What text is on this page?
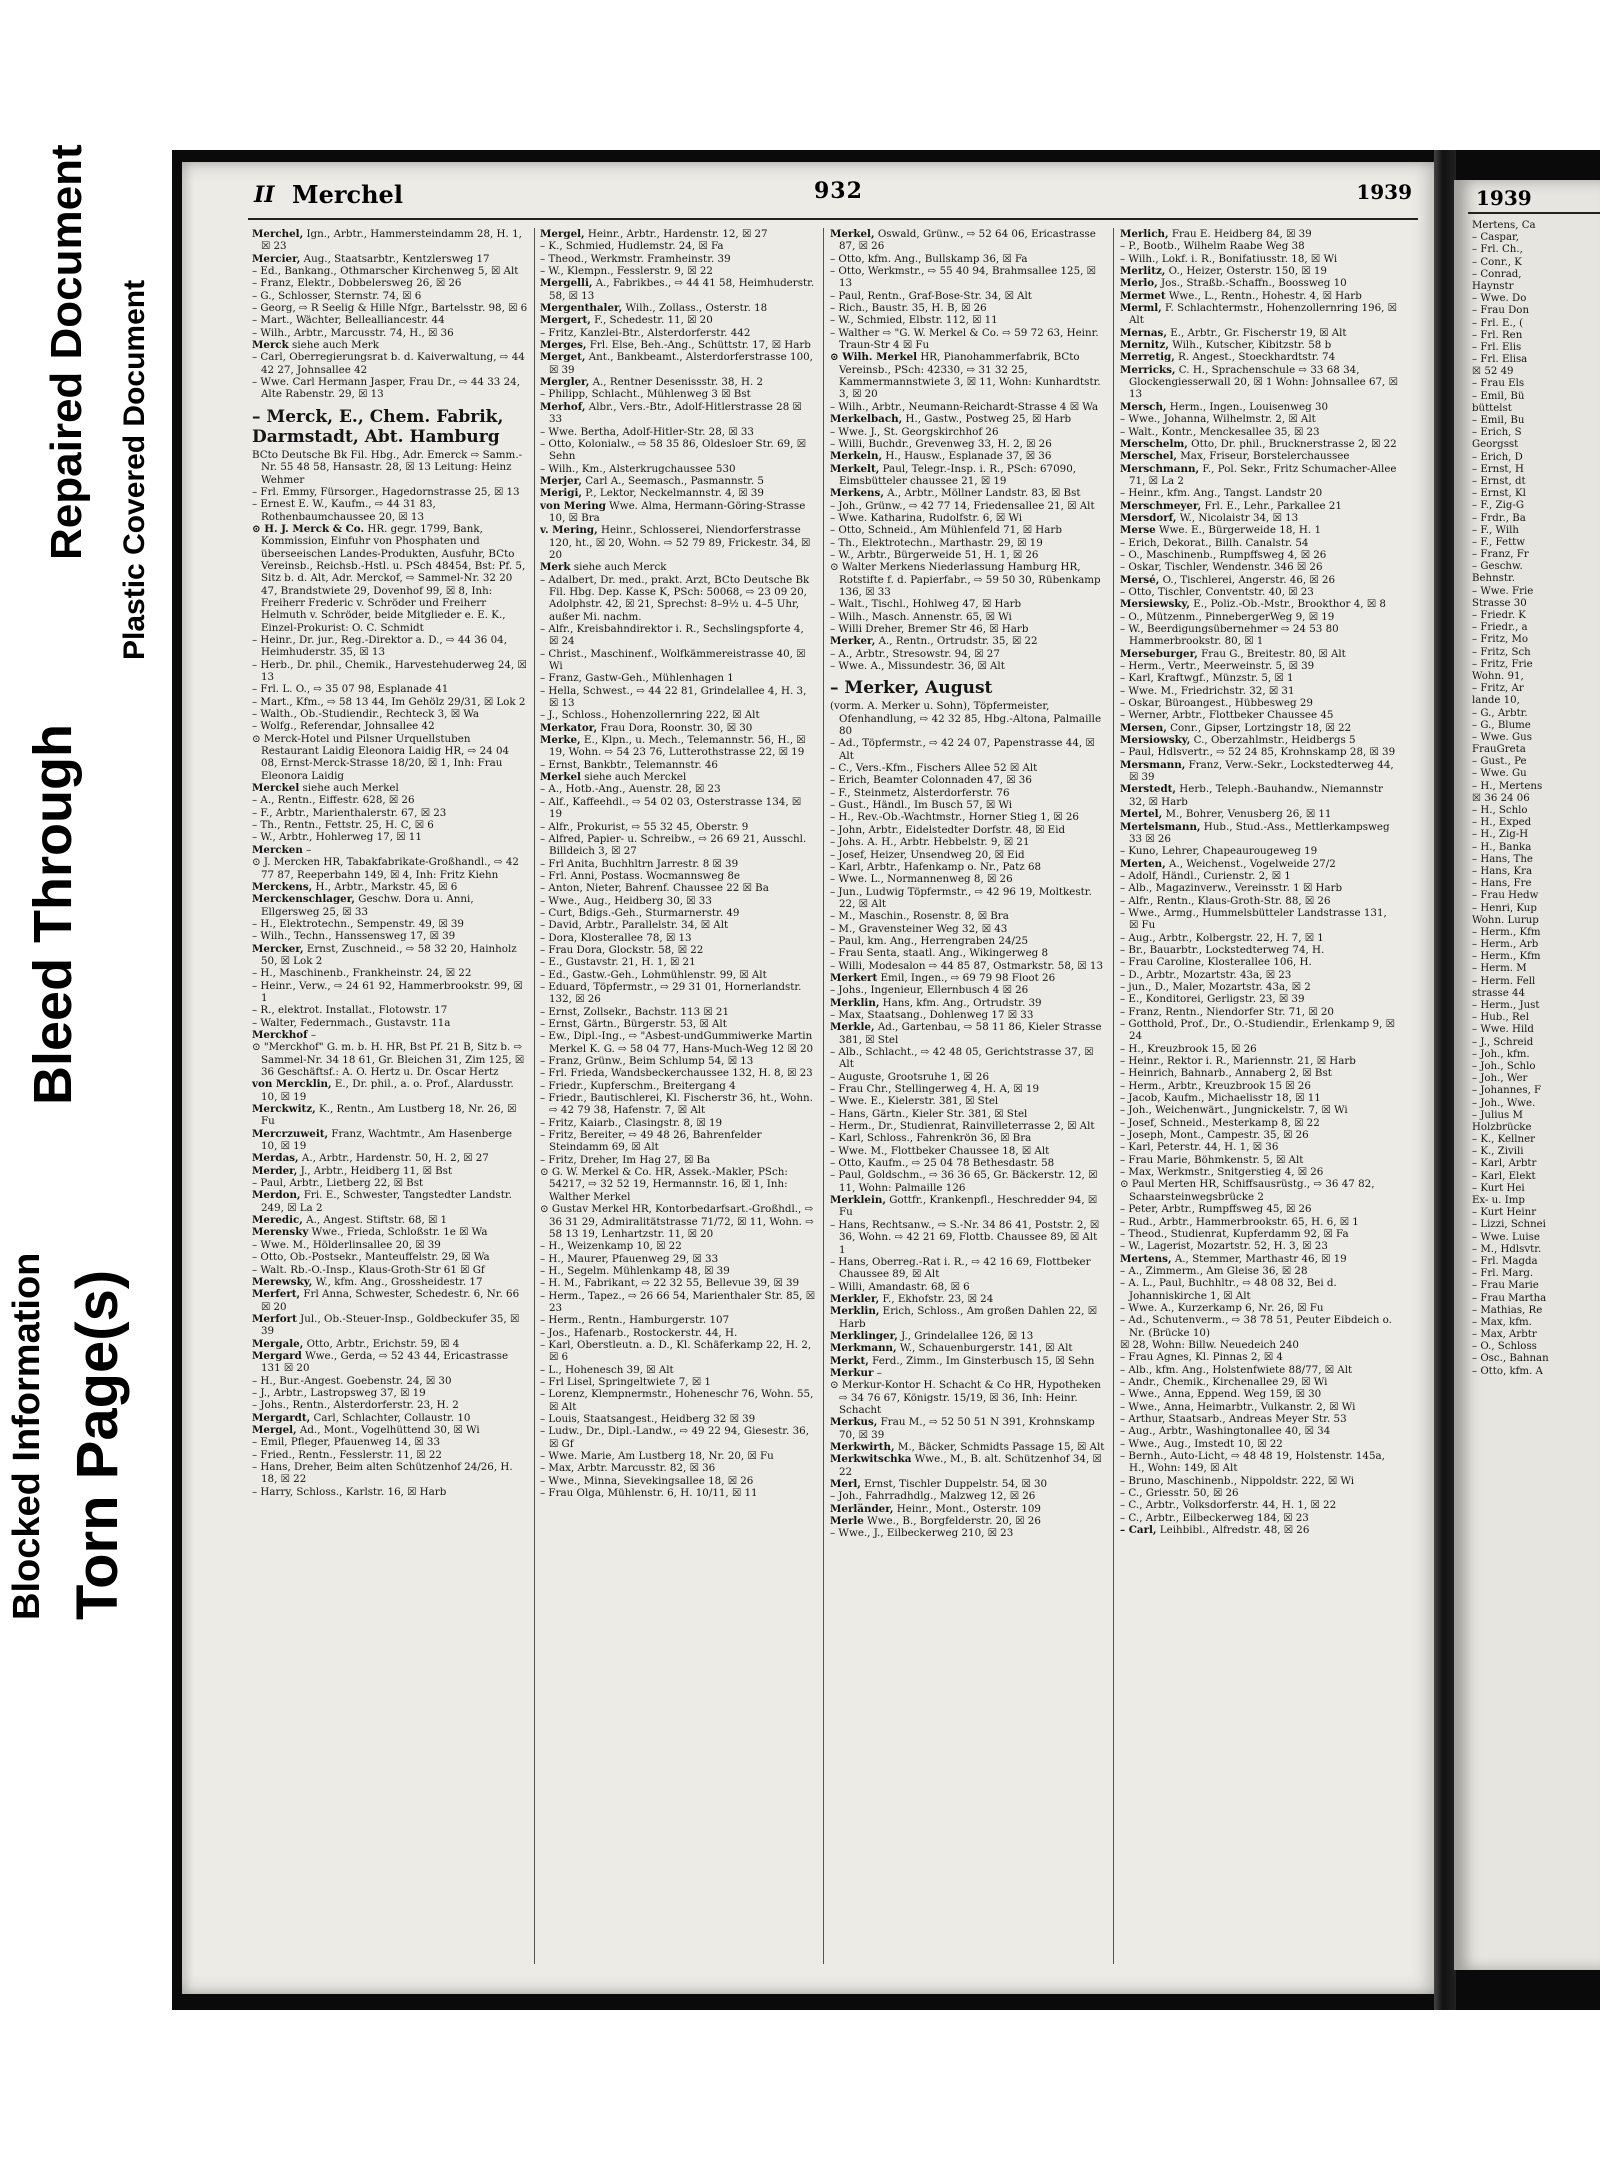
Blocked Information Torn Page(s)
Bleed Through
Repaired Document Plastic Covered Document
II Merchel	932	1939

Merchel, Ign., Arbtr., Hammersteindamm 28, H. 1, ☒ 23

Mercier, Aug., Staatsarbtr., Kentzlersweg 17

– Ed., Bankang., Othmarscher Kirchenweg 5, ☒ Alt

– Franz, Elektr., Dobbelersweg 26, ☒ 26

– G., Schlosser, Sternstr. 74, ☒ 6

– Georg, ⇨ R Seelig & Hille Nfgr., Bartelsstr. 98, ☒ 6

– Mart., Wächter, Bellealliancestr. 44

– Wilh., Arbtr., Marcusstr. 74, H., ☒ 36

Merck siehe auch Merk

– Carl, Oberregierungsrat b. d. Kaiverwaltung, ⇨ 44 42 27, Johnsallee 42

– Wwe. Carl Hermann Jasper, Frau Dr., ⇨ 44 33 24, Alte Rabenstr. 29, ☒ 13

– Merck, E., Chem. Fabrik, Darmstadt, Abt. Hamburg

BCto Deutsche Bk Fil. Hbg., Adr. Emerck ⇨ Samm.-Nr. 55 48 58, Hansastr. 28, ☒ 13 Leitung: Heinz Wehmer

– Frl. Emmy, Fürsorger., Hagedornstrasse 25, ☒ 13

– Ernest E. W., Kaufm., ⇨ 44 31 83, Rothenbaumchaussee 20, ☒ 13

⊙ H. J. Merck & Co. HR. gegr. 1799, Bank, Kommission, Einfuhr von Phosphaten und überseeischen Landes-Produkten, Ausfuhr, BCto Vereinsb., Reichsb.-Hstl. u. PSch 48454, Bst: Pf. 5, Sitz b. d. Alt, Adr. Merckof, ⇨ Sammel-Nr. 32 20 47, Brandstwiete 29, Dovenhof 99, ☒ 8, Inh: Freiherr Frederic v. Schröder und Freiherr Helmuth v. Schröder, beide Mitglieder e. E. K., Einzel-Prokurist: O. C. Schmidt

– Heinr., Dr. jur., Reg.-Direktor a. D., ⇨ 44 36 04, Heimhuderstr. 35, ☒ 13

– Herb., Dr. phil., Chemik., Harvestehuderweg 24, ☒ 13

– Frl. L. O., ⇨ 35 07 98, Esplanade 41

– Mart., Kfm., ⇨ 58 13 44, Im Gehölz 29/31, ☒ Lok 2

– Walth., Ob.-Studiendir., Rechteck 3, ☒ Wa

– Wolfg., Referendar, Johnsallee 42

⊙ Merck-Hotel und Pilsner Urquellstuben Restaurant Laidig Eleonora Laidig HR, ⇨ 24 04 08, Ernst-Merck-Strasse 18/20, ☒ 1, Inh: Frau Eleonora Laidig

Merckel siehe auch Merkel

– A., Rentn., Eiffestr. 628, ☒ 26

– F., Arbtr., Marienthalerstr. 67, ☒ 23

– Th., Rentn., Fettstr. 25, H. C, ☒ 6

– W., Arbtr., Hohlerweg 17, ☒ 11

Mercken –

⊙ J. Mercken HR, Tabakfabrikate-Großhandl., ⇨ 42 77 87, Reeperbahn 149, ☒ 4, Inh: Fritz Kiehn

Merckens, H., Arbtr., Markstr. 45, ☒ 6

Merckenschlager, Geschw. Dora u. Anni, Ellgersweg 25, ☒ 33

– H., Elektrotechn., Sempenstr. 49, ☒ 39

– Wilh., Techn., Hanssensweg 17, ☒ 39

Mercker, Ernst, Zuschneid., ⇨ 58 32 20, Hainholz 50, ☒ Lok 2

– H., Maschinenb., Frankheinstr. 24, ☒ 22

– Heinr., Verw., ⇨ 24 61 92, Hammerbrookstr. 99, ☒ 1

– R., elektrot. Installat., Flotowstr. 17

– Walter, Federnmach., Gustavstr. 11a

Merckhof –

⊙ "Merckhof" G. m. b. H. HR, Bst Pf. 21 B, Sitz b. ⇨ Sammel-Nr. 34 18 61, Gr. Bleichen 31, Zim 125, ☒ 36 Geschäftsf.: A. O. Hertz u. Dr. Oscar Hertz

von Mercklin, E., Dr. phil., a. o. Prof., Alardusstr. 10, ☒ 19

Merckwitz, K., Rentn., Am Lustberg 18, Nr. 26, ☒ Fu

Mercrzuweit, Franz, Wachtmtr., Am Hasenberge 10, ☒ 19

Merdas, A., Arbtr., Hardenstr. 50, H. 2, ☒ 27

Merder, J., Arbtr., Heidberg 11, ☒ Bst

– Paul, Arbtr., Lietberg 22, ☒ Bst

Merdon, Fri. E., Schwester, Tangstedter Landstr. 249, ☒ La 2

Meredic, A., Angest. Stiftstr. 68, ☒ 1

Merensky Wwe., Frieda, Schloßstr. 1e ☒ Wa

– Wwe. M., Hölderlinsallee 20, ☒ 39

– Otto, Ob.-Postsekr., Manteuffelstr. 29, ☒ Wa

– Walt. Rb.-O.-Insp., Klaus-Groth-Str 61 ☒ Gf

Merewsky, W., kfm. Ang., Grossheidestr. 17

Merfert, Frl Anna, Schwester, Schedestr. 6, Nr. 66 ☒ 20

Merfort Jul., Ob.-Steuer-Insp., Goldbeckufer 35, ☒ 39

Mergale, Otto, Arbtr., Erichstr. 59, ☒ 4

Mergard Wwe., Gerda, ⇨ 52 43 44, Ericastrasse 131 ☒ 20

– H., Bur.-Angest. Goebenstr. 24, ☒ 30

– J., Arbtr., Lastropsweg 37, ☒ 19

– Johs., Rentn., Alsterdorferstr. 23, H. 2

Mergardt, Carl, Schlachter, Collaustr. 10

Mergel, Ad., Mont., Vogelhüttend 30, ☒ Wi

– Emil, Pfleger, Pfauenweg 14, ☒ 33

– Fried., Rentn., Fesslerstr. 11, ☒ 22

– Hans, Dreher, Beim alten Schützenhof 24/26, H. 18, ☒ 22

– Harry, Schloss., Karlstr. 16, ☒ Harb

Mergel, Heinr., Arbtr., Hardenstr. 12, ☒ 27

– K., Schmied, Hudlemstr. 24, ☒ Fa

– Theod., Werkmstr. Framheinstr. 39

– W., Klempn., Fesslerstr. 9, ☒ 22

Mergelli, A., Fabrikbes., ⇨ 44 41 58, Heimhuderstr. 58, ☒ 13

Mergenthaler, Wilh., Zollass., Osterstr. 18

Mergert, F., Schedestr. 11, ☒ 20

– Fritz, Kanzlei-Btr., Alsterdorferstr. 442

Merges, Frl. Else, Beh.-Ang., Schüttstr. 17, ☒ Harb

Merget, Ant., Bankbeamt., Alsterdorferstrasse 100, ☒ 39

Mergler, A., Rentner Desenissstr. 38, H. 2

– Philipp, Schlacht., Mühlenweg 3 ☒ Bst

Merhof, Albr., Vers.-Btr., Adolf-Hitlerstrasse 28 ☒ 33

– Wwe. Bertha, Adolf-Hitler-Str. 28, ☒ 33

– Otto, Kolonialw., ⇨ 58 35 86, Oldesloer Str. 69, ☒ Sehn

– Wilh., Km., Alsterkrugchaussee 530

Merjer, Carl A., Seemasch., Pasmannstr. 5

Merigi, P., Lektor, Neckelmannstr. 4, ☒ 39

von Mering Wwe. Alma, Hermann-Göring-Strasse 10, ☒ Bra

v. Mering, Heinr., Schlosserei, Niendorferstrasse 120, ht., ☒ 20, Wohn. ⇨ 52 79 89, Frickestr. 34, ☒ 20

Merk siehe auch Merck

– Adalbert, Dr. med., prakt. Arzt, BCto Deutsche Bk Fil. Hbg. Dep. Kasse K, PSch: 50068, ⇨ 23 09 20, Adolphstr. 42, ☒ 21, Sprechst: 8–9½ u. 4–5 Uhr, außer Mi. nachm.

– Alfr., Kreisbahndirektor i. R., Sechslingspforte 4, ☒ 24

– Christ., Maschinenf., Wolfkämmereistrasse 40, ☒ Wi

– Franz, Gastw-Geh., Mühlenhagen 1

– Hella, Schwest., ⇨ 44 22 81, Grindelallee 4, H. 3, ☒ 13

– J., Schloss., Hohenzollernring 222, ☒ Alt

Merkator, Frau Dora, Roonstr. 30, ☒ 30

Merke, E., Klpn., u. Mech., Telemannstr. 56, H., ☒ 19, Wohn. ⇨ 54 23 76, Lutterothstrasse 22, ☒ 19

– Ernst, Bankbtr., Telemannstr. 46

Merkel siehe auch Merckel

– A., Hotb.-Ang., Auenstr. 28, ☒ 23

– Alf., Kaffeehdl., ⇨ 54 02 03, Osterstrasse 134, ☒ 19

– Alfr., Prokurist, ⇨ 55 32 45, Oberstr. 9

– Alfred, Papier- u. Schreibw., ⇨ 26 69 21, Ausschl. Billdeich 3, ☒ 27

– Frl Anita, Buchhltrn Jarrestr. 8 ☒ 39

– Frl. Anni, Postass. Wocmannsweg 8e

– Anton, Nieter, Bahrenf. Chaussee 22 ☒ Ba

– Wwe., Aug., Heidberg 30, ☒ 33

– Curt, Bdigs.-Geh., Sturmarnerstr. 49

– David, Arbtr., Parallelstr. 34, ☒ Alt

– Dora, Klosterallee 78, ☒ 13

– Frau Dora, Glockstr. 58, ☒ 22

– E., Gustavstr. 21, H. 1, ☒ 21

– Ed., Gastw.-Geh., Lohmühlenstr. 99, ☒ Alt

– Eduard, Töpfermstr., ⇨ 29 31 01, Hornerlandstr. 132, ☒ 26

– Ernst, Zollsekr., Bachstr. 113 ☒ 21

– Ernst, Gärtn., Bürgerstr. 53, ☒ Alt

– Ew., Dipl.-Ing., ⇨ "Asbest-undGummiwerke Martin Merkel K. G. ⇨ 58 04 77, Hans-Much-Weg 12 ☒ 20

– Franz, Grünw., Beim Schlump 54, ☒ 13

– Frl. Frieda, Wandsbeckerchaussee 132, H. 8, ☒ 23

– Friedr., Kupferschm., Breitergang 4

– Friedr., Bautischlerei, Kl. Fischerstr 36, ht., Wohn. ⇨ 42 79 38, Hafenstr. 7, ☒ Alt

– Fritz, Kaiarb., Clasingstr. 8, ☒ 19

– Fritz, Bereiter, ⇨ 49 48 26, Bahrenfelder Steindamm 69, ☒ Alt

– Fritz, Dreher, Im Hag 27, ☒ Ba

⊙ G. W. Merkel & Co. HR, Assek.-Makler, PSch: 54217, ⇨ 32 52 19, Hermannstr. 16, ☒ 1, Inh: Walther Merkel

⊙ Gustav Merkel HR, Kontorbedarfsart.-Großhdl., ⇨ 36 31 29, Admiralitätstrasse 71/72, ☒ 11, Wohn. ⇨ 58 13 19, Lenhartzstr. 11, ☒ 20

– H., Weizenkamp 10, ☒ 22

– H., Maurer, Pfauenweg 29, ☒ 33

– H., Segelm. Mühlenkamp 48, ☒ 39

– H. M., Fabrikant, ⇨ 22 32 55, Bellevue 39, ☒ 39

– Herm., Tapez., ⇨ 26 66 54, Marienthaler Str. 85, ☒ 23

– Herm., Rentn., Hamburgerstr. 107

– Jos., Hafenarb., Rostockerstr. 44, H.

– Karl, Oberstleutn. a. D., Kl. Schäferkamp 22, H. 2, ☒ 6

– L., Hohenesch 39, ☒ Alt

– Frl Lisel, Springeltwiete 7, ☒ 1

– Lorenz, Klempnermstr., Hoheneschr 76, Wohn. 55, ☒ Alt

– Louis, Staatsangest., Heidberg 32 ☒ 39

– Ludw., Dr., Dipl.-Landw., ⇨ 49 22 94, Giesestr. 36, ☒ Gf

– Wwe. Marie, Am Lustberg 18, Nr. 20, ☒ Fu

– Max, Arbtr. Marcusstr. 82, ☒ 36

– Wwe., Minna, Sievekingsallee 18, ☒ 26

– Frau Olga, Mühlenstr. 6, H. 10/11, ☒ 11

Merkel, Oswald, Grünw., ⇨ 52 64 06, Ericastrasse 87, ☒ 26

– Otto, kfm. Ang., Bullskamp 36, ☒ Fa

– Otto, Werkmstr., ⇨ 55 40 94, Brahmsallee 125, ☒ 13

– Paul, Rentn., Graf-Bose-Str. 34, ☒ Alt

– Rich., Baustr. 35, H. B, ☒ 26

– W., Schmied, Elbstr. 112, ☒ 11

– Walther ⇨ "G. W. Merkel & Co. ⇨ 59 72 63, Heinr. Traun-Str 4 ☒ Fu

⊙ Wilh. Merkel HR, Pianohammerfabrik, BCto Vereinsb., PSch: 42330, ⇨ 31 32 25, Kammermannstwiete 3, ☒ 11, Wohn: Kunhardtstr. 3, ☒ 20

– Wilh., Arbtr., Neumann-Reichardt-Strasse 4 ☒ Wa

Merkelbach, H., Gastw., Postweg 25, ☒ Harb

– Wwe. J., St. Georgskirchhof 26

– Willi, Buchdr., Grevenweg 33, H. 2, ☒ 26

Merkeln, H., Hausw., Esplanade 37, ☒ 36

Merkelt, Paul, Telegr.-Insp. i. R., PSch: 67090, Eimsbütteler chaussee 21, ☒ 19

Merkens, A., Arbtr., Möllner Landstr. 83, ☒ Bst

– Joh., Grünw., ⇨ 42 77 14, Friedensallee 21, ☒ Alt

– Wwe. Katharina, Rudolfstr. 6, ☒ Wi

– Otto, Schneid., Am Mühlenfeld 71, ☒ Harb

– Th., Elektrotechn., Marthastr. 29, ☒ 19

– W., Arbtr., Bürgerweide 51, H. 1, ☒ 26

⊙ Walter Merkens Niederlassung Hamburg HR, Rotstifte f. d. Papierfabr., ⇨ 59 50 30, Rübenkamp 136, ☒ 33

– Walt., Tischl., Hohlweg 47, ☒ Harb

– Wilh., Masch. Annenstr. 65, ☒ Wi

– Willi Dreher, Bremer Str 46, ☒ Harb

Merker, A., Rentn., Ortrudstr. 35, ☒ 22

– A., Arbtr., Stresowstr. 94, ☒ 27

– Wwe. A., Missundestr. 36, ☒ Alt

– Merker, August

(vorm. A. Merker u. Sohn), Töpfermeister, Ofenhandlung, ⇨ 42 32 85, Hbg.-Altona, Palmaille 80

– Ad., Töpfermstr., ⇨ 42 24 07, Papenstrasse 44, ☒ Alt

– C., Vers.-Kfm., Fischers Allee 52 ☒ Alt

– Erich, Beamter Colonnaden 47, ☒ 36

– F., Steinmetz, Alsterdorferstr. 76

– Gust., Händl., Im Busch 57, ☒ Wi

– H., Rev.-Ob.-Wachtmstr., Horner Stieg 1, ☒ 26

– John, Arbtr., Eidelstedter Dorfstr. 48, ☒ Eid

– Johs. A. H., Arbtr. Hebbelstr. 9, ☒ 21

– Josef, Heizer, Unsendweg 20, ☒ Eid

– Karl, Arbtr., Hafenkamp o. Nr., Patz 68

– Wwe. L., Normannenweg 8, ☒ 26

– Jun., Ludwig Töpfermstr., ⇨ 42 96 19, Moltkestr. 22, ☒ Alt

– M., Maschin., Rosenstr. 8, ☒ Bra

– M., Gravensteiner Weg 32, ☒ 43

– Paul, km. Ang., Herrengraben 24/25

– Frau Senta, staatl. Ang., Wikingerweg 8

– Willi, Modesalon ⇨ 44 85 87, Ostmarkstr. 58, ☒ 13

Merkert Emil, Ingen., ⇨ 69 79 98 Floot 26

– Johs., Ingenieur, Ellernbusch 4 ☒ 26

Merklin, Hans, kfm. Ang., Ortrudstr. 39

– Max, Staatsang., Dohlenweg 17 ☒ 33

Merkle, Ad., Gartenbau, ⇨ 58 11 86, Kieler Strasse 381, ☒ Stel

– Alb., Schlacht., ⇨ 42 48 05, Gerichtstrasse 37, ☒ Alt

– Auguste, Grootsruhe 1, ☒ 26

– Frau Chr., Stellingerweg 4, H. A, ☒ 19

– Wwe. E., Kielerstr. 381, ☒ Stel

– Hans, Gärtn., Kieler Str. 381, ☒ Stel

– Herm., Dr., Studienrat, Rainvilleterrasse 2, ☒ Alt

– Karl, Schloss., Fahrenkrön 36, ☒ Bra

– Wwe. M., Flottbeker Chaussee 18, ☒ Alt

– Otto, Kaufm., ⇨ 25 04 78 Bethesdastr. 58

– Paul, Goldschm., ⇨ 36 36 65, Gr. Bäckerstr. 12, ☒ 11, Wohn: Palmaille 126

Merklein, Gottfr., Krankenpfl., Heschredder 94, ☒ Fu

– Hans, Rechtsanw., ⇨ S.-Nr. 34 86 41, Poststr. 2, ☒ 36, Wohn. ⇨ 42 21 69, Flottb. Chaussee 89, ☒ Alt 1

– Hans, Oberreg.-Rat i. R., ⇨ 42 16 69, Flottbeker Chaussee 89, ☒ Alt

– Willi, Amandastr. 68, ☒ 6

Merkler, F., Ekhofstr. 23, ☒ 24

Merklin, Erich, Schloss., Am großen Dahlen 22, ☒ Harb

Merklinger, J., Grindelallee 126, ☒ 13

Merkmann, W., Schauenburgerstr. 141, ☒ Alt

Merkt, Ferd., Zimm., Im Ginsterbusch 15, ☒ Sehn

Merkur –

⊙ Merkur-Kontor H. Schacht & Co HR, Hypotheken ⇨ 34 76 67, Königstr. 15/19, ☒ 36, Inh: Heinr. Schacht

Merkus, Frau M., ⇨ 52 50 51 N 391, Krohnskamp 70, ☒ 39

Merkwirth, M., Bäcker, Schmidts Passage 15, ☒ Alt

Merkwitschka Wwe., M., B. alt. Schützenhof 34, ☒ 22

Merl, Ernst, Tischler Duppelstr. 54, ☒ 30

– Joh., Fahrradhdlg., Malzweg 12, ☒ 26

Merländer, Heinr., Mont., Osterstr. 109

Merle Wwe., B., Borgfelderstr. 20, ☒ 26

– Wwe., J., Eilbeckerweg 210, ☒ 23

Merlich, Frau E. Heidberg 84, ☒ 39

– P., Bootb., Wilhelm Raabe Weg 38

– Wilh., Lokf. i. R., Bonifatiusstr. 18, ☒ Wi

Merlitz, O., Heizer, Osterstr. 150, ☒ 19

Merlo, Jos., Straßb.-Schaffn., Boossweg 10

Mermet Wwe., L., Rentn., Hohestr. 4, ☒ Harb

Merml, F. Schlachtermstr., Hohenzollernring 196, ☒ Alt

Mernas, E., Arbtr., Gr. Fischerstr 19, ☒ Alt

Mernitz, Wilh., Kutscher, Kibitzstr. 58 b

Merretig, R. Angest., Stoeckhardtstr. 74

Merricks, C. H., Sprachenschule ⇨ 33 68 34, Glockengiesserwall 20, ☒ 1 Wohn: Johnsallee 67, ☒ 13

Mersch, Herm., Ingen., Louisenweg 30

– Wwe., Johanna, Wilhelmstr. 2, ☒ Alt

– Walt., Kontr., Menckesallee 35, ☒ 23

Merschelm, Otto, Dr. phil., Brucknerstrasse 2, ☒ 22

Merschel, Max, Friseur, Borstelerchaussee

Merschmann, F., Pol. Sekr., Fritz Schumacher-Allee 71, ☒ La 2

– Heinr., kfm. Ang., Tangst. Landstr 20

Merschmeyer, Frl. E., Lehr., Parkallee 21

Mersdorf, W., Nicolaistr 34, ☒ 13

Merse Wwe. E., Bürgerweide 18, H. 1

– Erich, Dekorat., Billh. Canalstr. 54

– O., Maschinenb., Rumpffsweg 4, ☒ 26

– Oskar, Tischler, Wendenstr. 346 ☒ 26

Mersé, O., Tischlerei, Angerstr. 46, ☒ 26

– Otto, Tischler, Conventstr. 40, ☒ 23

Mersiewsky, E., Poliz.-Ob.-Mstr., Brookthor 4, ☒ 8

– O., Mützenm., PinnebergerWeg 9, ☒ 19

– W., Beerdigungsübernehmer ⇨ 24 53 80 Hammerbrookstr. 80, ☒ 1

Merseburger, Frau G., Breitestr. 80, ☒ Alt

– Herm., Vertr., Meerweinstr. 5, ☒ 39

– Karl, Kraftwgf., Münzstr. 5, ☒ 1

– Wwe. M., Friedrichstr. 32, ☒ 31

– Oskar, Büroangest., Hübbesweg 29

– Werner, Arbtr., Flottbeker Chaussee 45

Mersen, Conr., Gipser, Lortzingstr 18, ☒ 22

Mersiowsky, C., Oberzahlmstr., Heidbergs 5

– Paul, Hdlsvertr., ⇨ 52 24 85, Krohnskamp 28, ☒ 39

Mersmann, Franz, Verw.-Sekr., Lockstedterweg 44, ☒ 39

Merstedt, Herb., Teleph.-Bauhandw., Niemannstr 32, ☒ Harb

Mertel, M., Bohrer, Venusberg 26, ☒ 11

Mertelsmann, Hub., Stud.-Ass., Mettlerkampsweg 33 ☒ 26

– Kuno, Lehrer, Chapeaurougeweg 19

Merten, A., Weichenst., Vogelweide 27/2

– Adolf, Händl., Curienstr. 2, ☒ 1

– Alb., Magazinverw., Vereinsstr. 1 ☒ Harb

– Alfr., Rentn., Klaus-Groth-Str. 88, ☒ 26

– Wwe., Armg., Hummelsbütteler Landstrasse 131, ☒ Fu

– Aug., Arbtr., Kolbergstr. 22, H. 7, ☒ 1

– Br., Bauarbtr., Lockstedterweg 74, H.

– Frau Caroline, Klosterallee 106, H.

– D., Arbtr., Mozartstr. 43a, ☒ 23

– jun., D., Maler, Mozartstr. 43a, ☒ 2

– E., Konditorei, Gerligstr. 23, ☒ 39

– Franz, Rentn., Niendorfer Str. 71, ☒ 20

– Gotthold, Prof., Dr., O.-Studiendir., Erlenkamp 9, ☒ 24

– H., Kreuzbrook 15, ☒ 26

– Heinr., Rektor i. R., Mariennstr. 21, ☒ Harb

– Heinrich, Bahnarb., Annaberg 2, ☒ Bst

– Herm., Arbtr., Kreuzbrook 15 ☒ 26

– Jacob, Kaufm., Michaelisstr 18, ☒ 11

– Joh., Weichenwärt., Jungnickelstr. 7, ☒ Wi

– Josef, Schneid., Mesterkamp 8, ☒ 22

– Joseph, Mont., Campestr. 35, ☒ 26

– Karl, Peterstr. 44, H. 1, ☒ 36

– Frau Marie, Böhmkenstr. 5, ☒ Alt

– Max, Werkmstr., Snitgerstieg 4, ☒ 26

⊙ Paul Merten HR, Schiffsausrüstg., ⇨ 36 47 82, Schaarsteinwegsbrücke 2

– Peter, Arbtr., Rumpffsweg 45, ☒ 26

– Rud., Arbtr., Hammerbrookstr. 65, H. 6, ☒ 1

– Theod., Studienrat, Kupferdamm 92, ☒ Fa

– W., Lagerist, Mozartstr. 52, H. 3, ☒ 23

Mertens, A., Stemmer, Marthastr 46, ☒ 19

– A., Zimmerm., Am Gleise 36, ☒ 28

– A. L., Paul, Buchhltr., ⇨ 48 08 32, Bei d. Johanniskirche 1, ☒ Alt

– Wwe. A., Kurzerkamp 6, Nr. 26, ☒ Fu

– Ad., Schutenverm., ⇨ 38 78 51, Peuter Eibdeich o. Nr. (Brücke 10)

☒ 28, Wohn: Billw. Neuedeich 240

– Frau Agnes, Kl. Pinnas 2, ☒ 4

– Alb., kfm. Ang., Holstenfwiete 88/77, ☒ Alt

– Andr., Chemik., Kirchenallee 29, ☒ Wi

– Wwe., Anna, Eppend. Weg 159, ☒ 30

– Wwe., Anna, Heimarbtr., Vulkanstr. 2, ☒ Wi

– Arthur, Staatsarb., Andreas Meyer Str. 53

– Aug., Arbtr., Washingtonallee 40, ☒ 34

– Wwe., Aug., Imstedt 10, ☒ 22

– Bernh., Auto-Licht, ⇨ 48 48 19, Holstenstr. 145a, H., Wohn: 149, ☒ Alt

– Bruno, Maschinenb., Nippoldstr. 222, ☒ Wi

– C., Griesstr. 50, ☒ 26

– C., Arbtr., Volksdorferstr. 44, H. 1, ☒ 22

– C., Arbtr., Eilbeckerweg 184, ☒ 23

– Carl, Leihbibl., Alfredstr. 48, ☒ 26

1939
Mertens, Ca
– Caspar,
– Frl. Ch.,
– Conr., K
– Conrad,
Haynstr
– Wwe. Do
– Frau Don
– Frl. E., (
– Frl. Ren
– Frl. Elis
– Frl. Elisa
☒ 52 49
– Frau Els
– Emil, Bü
büttelst
– Emil, Bu
– Erich, S
Georgsst
– Erich, D
– Ernst, H
– Ernst, dt
– Ernst, Kl
– F., Zig-G
– Frdr., Ba
– F., Wilh
– F., Fettw
– Franz, Fr
– Geschw.
Behnstr.
– Wwe. Frie
Strasse 30
– Friedr. K
– Friedr., a
– Fritz, Mo
– Fritz, Sch
– Fritz, Frie
Wohn. 91,
– Fritz, Ar
lande 10,
– G., Arbtr.
– G., Blume
– Wwe. Gus
FrauGreta
– Gust., Pe
– Wwe. Gu
– H., Mertens
☒ 36 24 06
– H., Schlo
– H., Exped
– H., Zig-H
– H., Banka
– Hans, The
– Hans, Kra
– Hans, Fre
– Frau Hedw
– Henri, Kup
Wohn. Lurup
– Herm., Kfm
– Herm., Arb
– Herm., Kfm
– Herm. M
– Herm. Fell
strasse 44
– Herm., Just
– Hub., Rel
– Wwe. Hild
– J., Schreid
– Joh., kfm.
– Joh., Schlo
– Joh., Wer
– Johannes, F
– Joh., Wwe.
– Julius M
Holzbrücke
– K., Kellner
– K., Zivili
– Karl, Arbtr
– Karl, Elekt
– Kurt Hei
Ex- u. Imp
– Kurt Heinr
– Lizzi, Schnei
– Wwe. Luise
– M., Hdlsvtr.
– Frl. Magda
– Frl. Marg.
– Frau Marie
– Frau Martha
– Mathias, Re
– Max, kfm.
– Max, Arbtr
– O., Schloss
– Osc., Bahnan
– Otto, kfm. A
